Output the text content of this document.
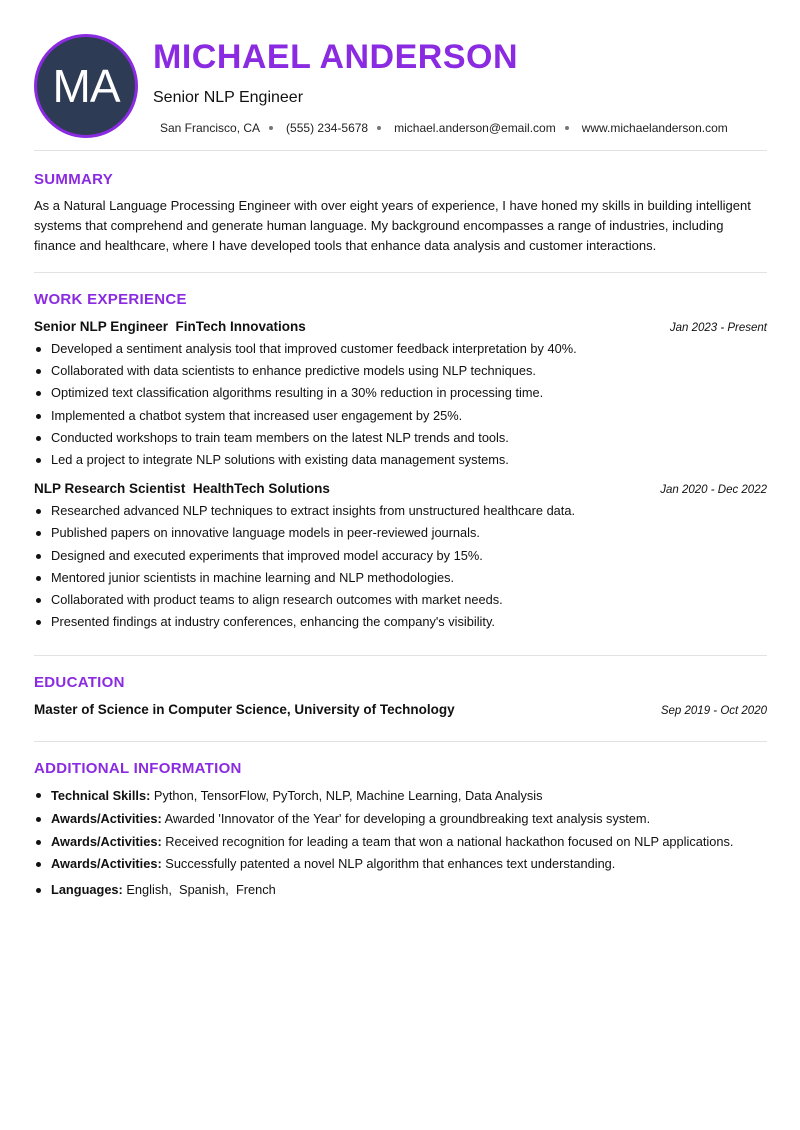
MA
MICHAEL ANDERSON
Senior NLP Engineer
San Francisco, CA (555) 234-5678 michael.anderson@email.com www.michaelanderson.com
SUMMARY

As a Natural Language Processing Engineer with over eight years of experience, I have honed my skills in building intelligent systems that comprehend and generate human language. My background encompasses a range of industries, including finance and healthcare, where I have developed tools that enhance data analysis and customer interactions.

WORK EXPERIENCE
Senior NLP Engineer  FinTech Innovations	Jan 2023 - Present
Developed a sentiment analysis tool that improved customer feedback interpretation by 40%.
Collaborated with data scientists to enhance predictive models using NLP techniques.
Optimized text classification algorithms resulting in a 30% reduction in processing time.
Implemented a chatbot system that increased user engagement by 25%.
Conducted workshops to train team members on the latest NLP trends and tools.
Led a project to integrate NLP solutions with existing data management systems.
NLP Research Scientist  HealthTech Solutions	Jan 2020 - Dec 2022
Researched advanced NLP techniques to extract insights from unstructured healthcare data.
Published papers on innovative language models in peer-reviewed journals.
Designed and executed experiments that improved model accuracy by 15%.
Mentored junior scientists in machine learning and NLP methodologies.
Collaborated with product teams to align research outcomes with market needs.
Presented findings at industry conferences, enhancing the company's visibility.
EDUCATION
Master of Science in Computer Science, University of Technology	Sep 2019 - Oct 2020
ADDITIONAL INFORMATION
Technical Skills: Python, TensorFlow, PyTorch, NLP, Machine Learning, Data Analysis
Awards/Activities: Awarded 'Innovator of the Year' for developing a groundbreaking text analysis system.
Awards/Activities: Received recognition for leading a team that won a national hackathon focused on NLP applications.
Awards/Activities: Successfully patented a novel NLP algorithm that enhances text understanding.
Languages: English,  Spanish,  French
